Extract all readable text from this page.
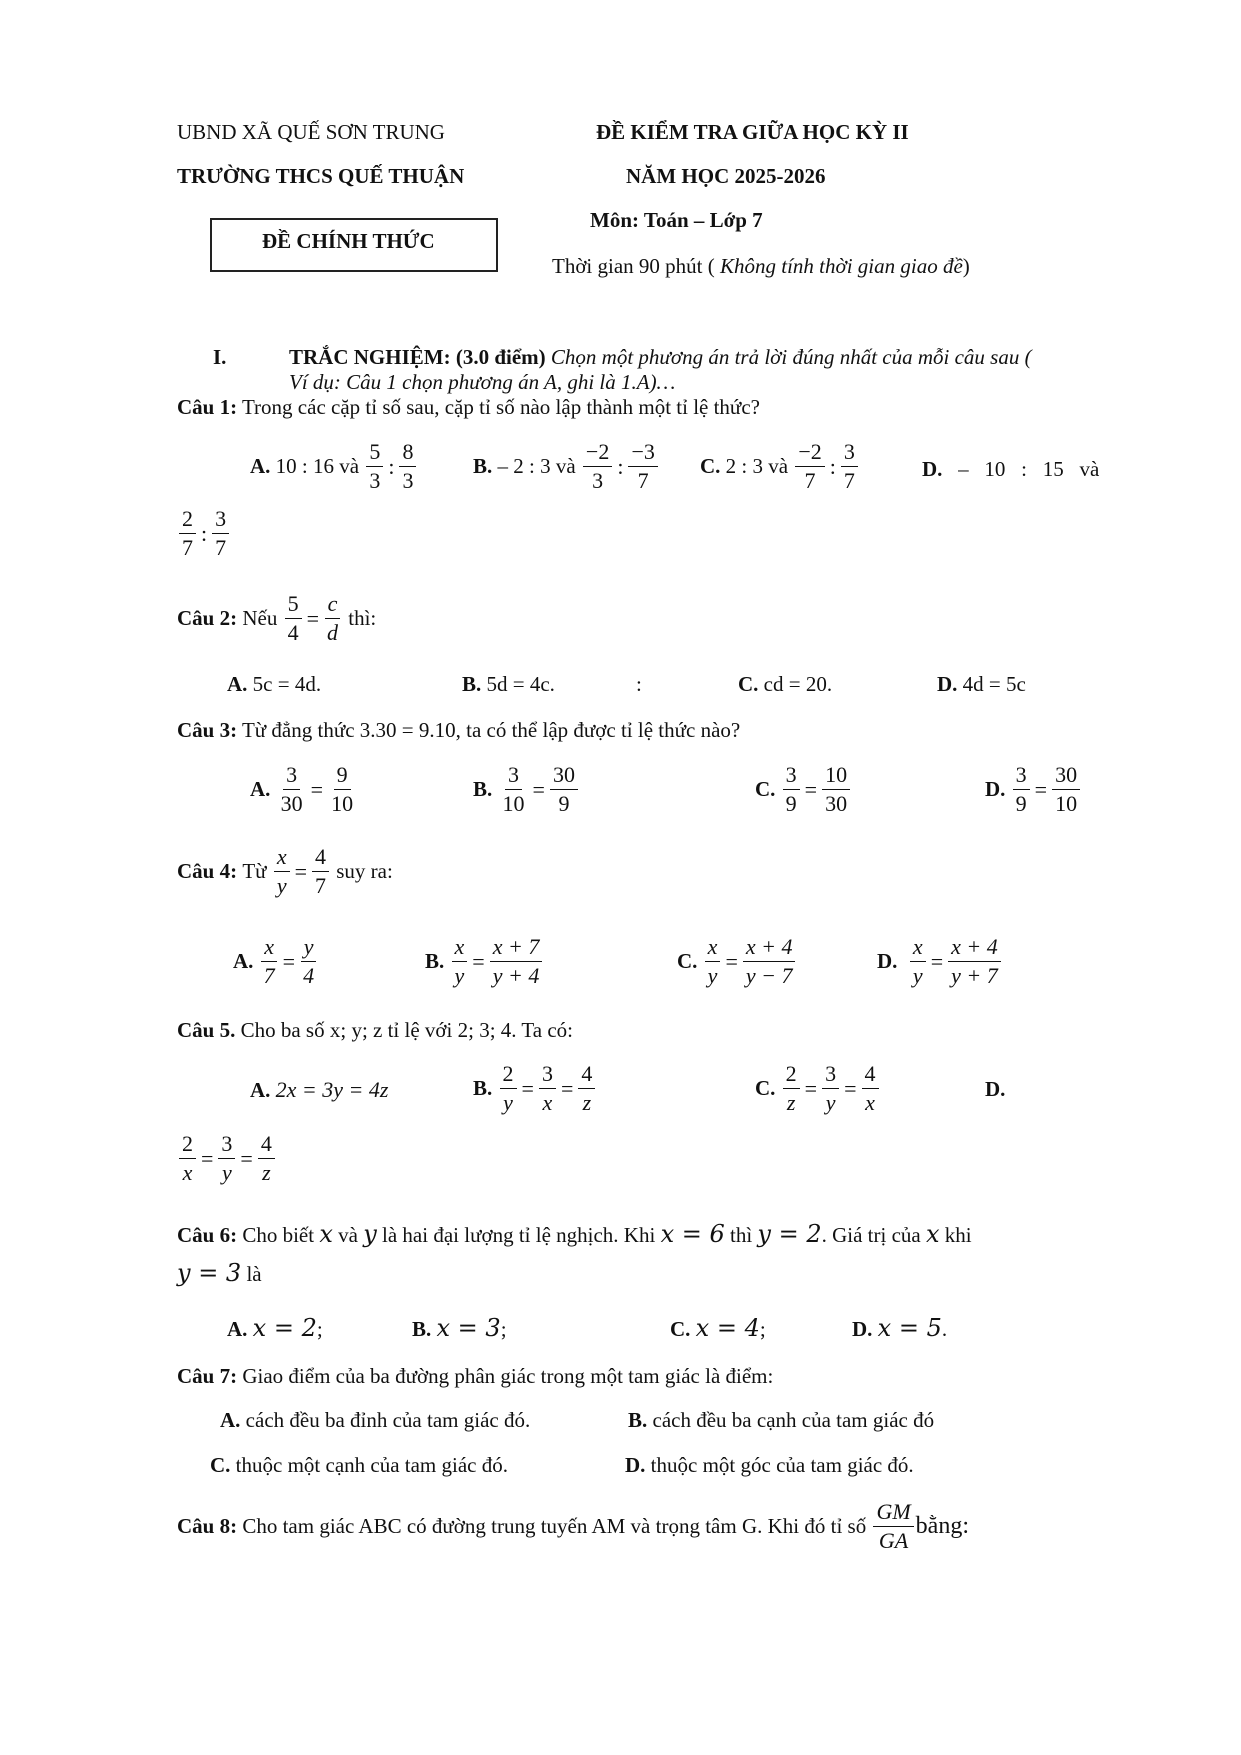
UBND XÃ QUẾ SƠN TRUNG
TRƯỜNG THCS QUẾ THUẬN
ĐỀ CHÍNH THỨC
ĐỀ KIỂM TRA GIỮA HỌC KỲ II
NĂM HỌC 2025-2026
Môn: Toán – Lớp 7
Thời gian 90 phút ( Không tính thời gian giao đề)
I.	TRẮC NGHIỆM: (3.0 điểm) Chọn một phương án trả lời đúng nhất của mỗi câu sau (
Ví dụ: Câu 1 chọn phương án A, ghi là 1.A)…
Câu 1: Trong các cặp tỉ số sau, cặp tỉ số nào lập thành một tỉ lệ thức?
A.
10 : 16 và
$\frac{5}{3}$ : $\frac{8}{3}$	B.
– 2 : 3 và
$\frac{-2}{3}$ : $\frac{-3}{7} C$.
2 : 3 và
$\frac{-2}{7}$ : $\frac{3}{7}$	D. –   10   :   15   và
$\frac{2}{7}$ : $\frac{3}{7}$
Câu 2:
Nếu
$\frac{5}{4} = \frac{c}{d}$
thì:
A. 5c = 4d.	B. 5d = 4c.	:	C. cd = 20.	D. 4d = 5c
Câu 3: Từ đẳng thức 3.30 = 9.10, ta có thể lập được tỉ lệ thức nào?
A.
$\frac{3}{30} = \frac{9}{10}$	B.
$\frac{3}{10} = \frac{30}{9}$	C.
$\frac{3}{9} = \frac{10}{30}$	D.
$\frac{3}{9} = \frac{30}{10}$
Câu 4:
Từ
$\frac{x}{y} = \frac{4}{7}$
suy ra:
A.
$\frac{x}{7} = \frac{y}{4}$	B.
$\frac{x}{y} = \frac{x + 7}{y + 4}$	C.
$\frac{x}{y} = \frac{x + 4}{y - 7}$	D.
$\frac{x}{y} = \frac{x + 4}{y + 7}$
Câu 5. Cho ba số x; y; z tỉ lệ với 2; 3; 4. Ta có:
A. 2x = 3y = 4z	B.
$\frac{2}{y} = \frac{3}{x} = \frac{4}{z}$	C.
$\frac{2}{z} = \frac{3}{y} = \frac{4}{x}$	D.
$\frac{2}{x} = \frac{3}{y} = \frac{4}{z}$
Câu 6: Cho biết x và y là hai đại lượng tỉ lệ nghịch. Khi x = 6 thì y = 2. Giá trị của x khi
y = 3 là
A. x = 2;	B. x = 3;	C. x = 4;	D. x = 5.
Câu 7: Giao điểm của ba đường phân giác trong một tam giác là điểm:
A. cách đều ba đỉnh của tam giác đó.	B. cách đều ba cạnh của tam giác đó
C. thuộc một cạnh của tam giác đó.	D. thuộc một góc của tam giác đó.
Câu 8:
Cho tam giác ABC có đường trung tuyến AM và trọng tâm G. Khi đó tỉ số
$\frac{GM}{GA}$ bằng:
